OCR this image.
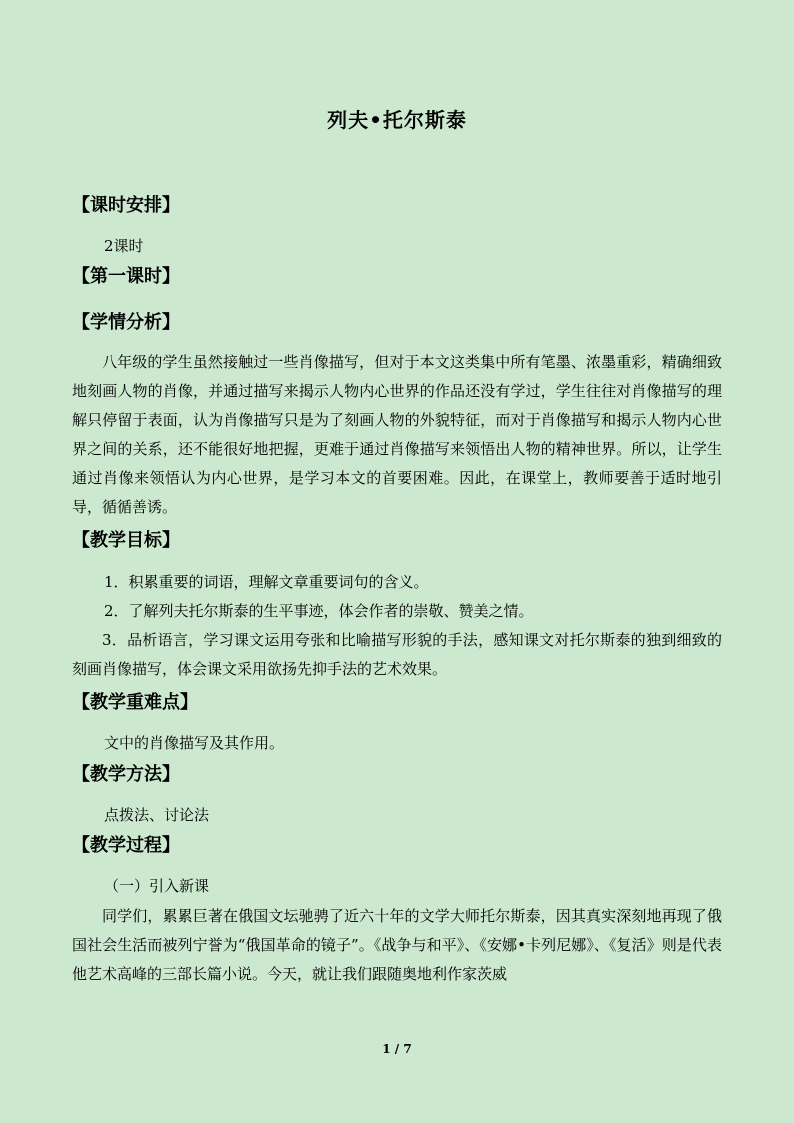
列夫•托尔斯泰
【课时安排】
2课时
【第一课时】
【学情分析】
八年级的学生虽然接触过一些肖像描写，但对于本文这类集中所有笔墨、浓墨重彩，精确细致地刻画人物的肖像，并通过描写来揭示人物内心世界的作品还没有学过，学生往往对肖像描写的理解只停留于表面，认为肖像描写只是为了刻画人物的外貌特征，而对于肖像描写和揭示人物内心世界之间的关系，还不能很好地把握，更难于通过肖像描写来领悟出人物的精神世界。所以，让学生通过肖像来领悟认为内心世界，是学习本文的首要困难。因此，在课堂上，教师要善于适时地引导，循循善诱。
【教学目标】
1．积累重要的词语，理解文章重要词句的含义。
2．了解列夫托尔斯泰的生平事迹，体会作者的崇敬、赞美之情。
3．品析语言，学习课文运用夸张和比喻描写形貌的手法，感知课文对托尔斯泰的独到细致的刻画肖像描写，体会课文采用欲扬先抑手法的艺术效果。
【教学重难点】
文中的肖像描写及其作用。
【教学方法】
点拨法、讨论法
【教学过程】
（一）引入新课
同学们，累累巨著在俄国文坛驰骋了近六十年的文学大师托尔斯泰，因其真实深刻地再现了俄国社会生活而被列宁誉为“俄国革命的镜子”。《战争与和平》、《安娜•卡列尼娜》、《复活》则是代表他艺术高峰的三部长篇小说。今天，就让我们跟随奥地利作家茨威
1 / 7
